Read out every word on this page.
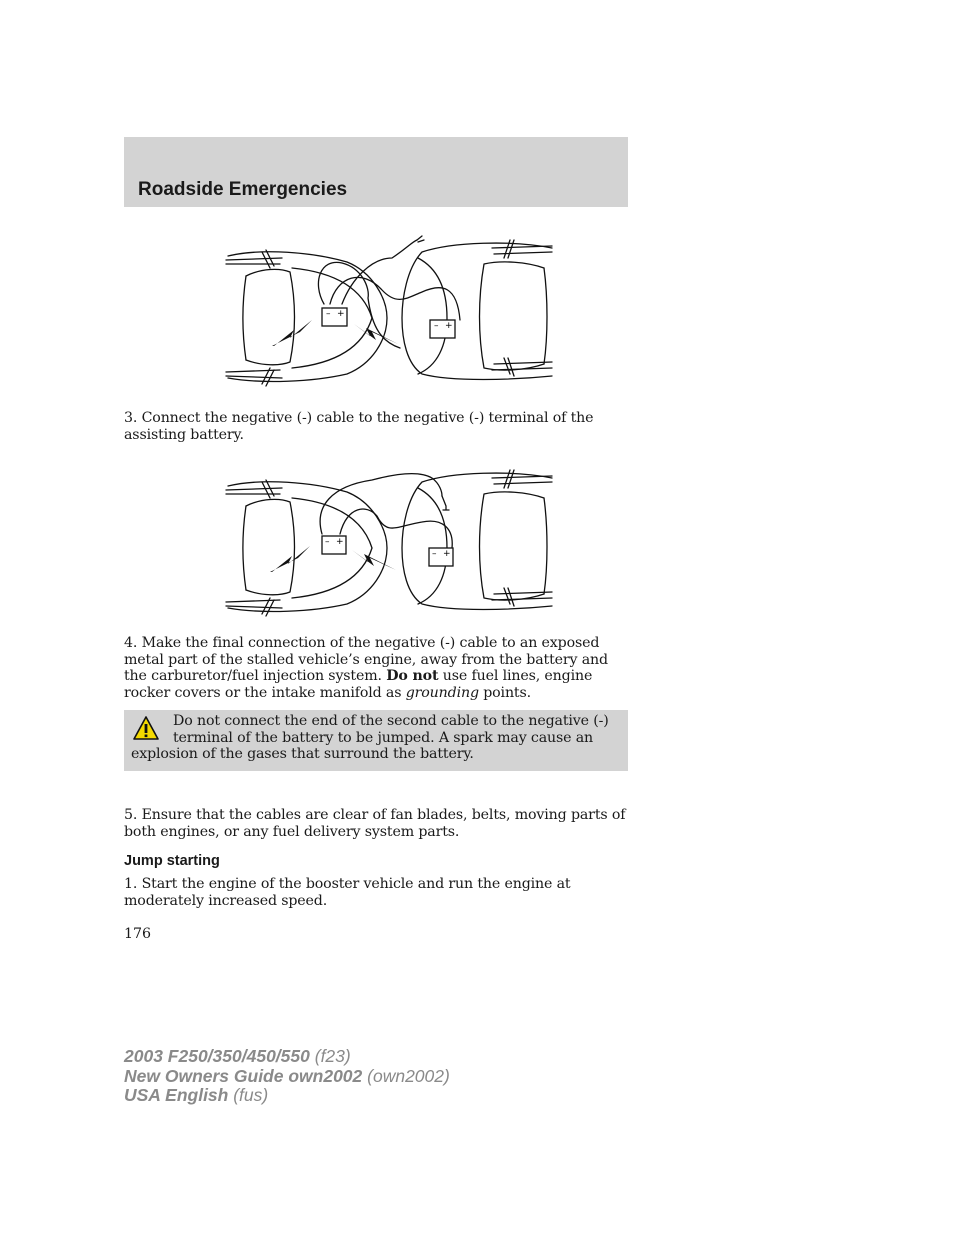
Roadside Emergencies
– +
– +

3. Connect the negative (-) cable to the negative (-) terminal of the assisting battery.

– +
– +

4. Make the final connection of the negative (-) cable to an exposed metal part of the stalled vehicle’s engine, away from the battery and the carburetor/fuel injection system. Do not use fuel lines, engine rocker covers or the intake manifold as grounding points.

Do not connect the end of the second cable to the negative (-) terminal of the battery to be jumped. A spark may cause an explosion of the gases that surround the battery.

5. Ensure that the cables are clear of fan blades, belts, moving parts of both engines, or any fuel delivery system parts.

Jump starting

1. Start the engine of the booster vehicle and run the engine at moderately increased speed.

176
2003 F250/350/450/550 (f23)
New Owners Guide own2002 (own2002)
USA English (fus)
